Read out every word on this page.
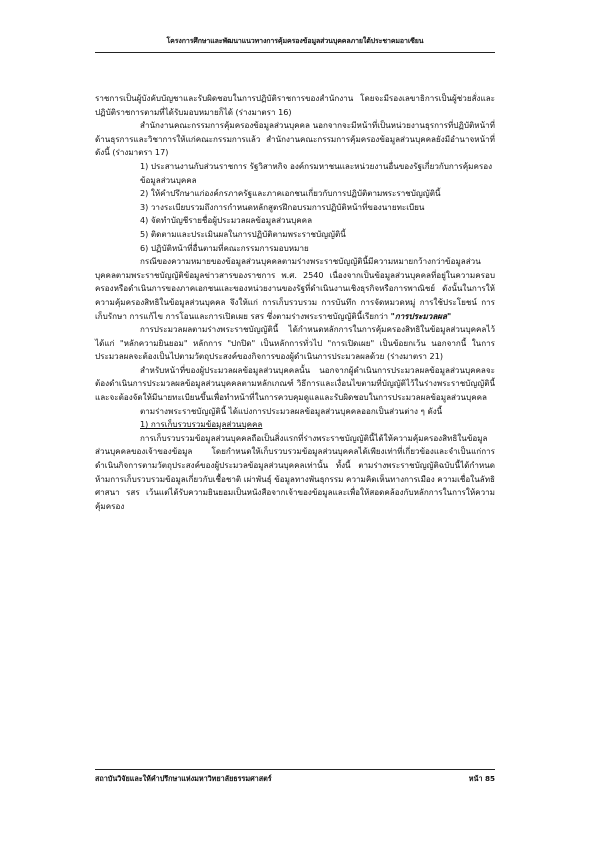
โครงการศึกษาและพัฒนาแนวทางการคุ้มครองข้อมูลส่วนบุคคลภายใต้ประชาคมอาเซียน

ราชการเป็นผู้บังคับบัญชาและรับผิดชอบในการปฏิบัติราชการของสำนักงาน โดยจะมีรองเลขาธิการเป็นผู้ช่วยสั่งและปฏิบัติราชการตามที่ได้รับมอบหมายก็ได้ (ร่างมาตรา 16)

สำนักงานคณะกรรมการคุ้มครองข้อมูลส่วนบุคคล นอกจากจะมีหน้าที่เป็นหน่วยงานธุรการที่ปฏิบัติหน้าที่ด้านธุรการและวิชาการให้แก่คณะกรรมการแล้ว สำนักงานคณะกรรมการคุ้มครองข้อมูลส่วนบุคคลยังมีอำนาจหน้าที่ ดังนี้ (ร่างมาตรา 17)

1) ประสานงานกับส่วนราชการ รัฐวิสาหกิจ องค์กรมหาชนและหน่วยงานอื่นของรัฐเกี่ยวกับการคุ้มครองข้อมูลส่วนบุคคล

2) ให้คำปรึกษาแก่องค์กรภาครัฐและภาคเอกชนเกี่ยวกับการปฏิบัติตามพระราชบัญญัตินี้

3) วางระเบียบรวมถึงการกำหนดหลักสูตรฝึกอบรมการปฏิบัติหน้าที่ของนายทะเบียน

4) จัดทำบัญชีรายชื่อผู้ประมวลผลข้อมูลส่วนบุคคล

5) ติดตามและประเมินผลในการปฏิบัติตามพระราชบัญญัตินี้

6) ปฏิบัติหน้าที่อื่นตามที่คณะกรรมการมอบหมาย

กรณีของความหมายของข้อมูลส่วนบุคคลตามร่างพระราชบัญญัตินี้มีความหมายกว้างกว่าข้อมูลส่วนบุคคลตามพระราชบัญญัติข้อมูลข่าวสารของราชการ พ.ศ. 2540 เนื่องจากเป็นข้อมูลส่วนบุคคลที่อยู่ในความครอบครองหรือดำเนินการของภาคเอกชนและของหน่วยงานของรัฐที่ดำเนินงานเชิงธุรกิจหรือการพาณิชย์ ดังนั้นในการให้ความคุ้มครองสิทธิในข้อมูลส่วนบุคคล จึงให้แก่ การเก็บรวบรวม การบันทึก การจัดหมวดหมู่ การใช้ประโยชน์ การเก็บรักษา การแก้ไข การโอนและการเปิดเผย รสร ซึ่งตามร่างพระราชบัญญัตินี้เรียกว่า "การประมวลผล"

การประมวลผลตามร่างพระราชบัญญัตินี้ ได้กำหนดหลักการในการคุ้มครองสิทธิในข้อมูลส่วนบุคคลไว้ ได้แก่ "หลักความยินยอม" หลักการ "ปกปิด" เป็นหลักการทั่วไป "การเปิดเผย" เป็นข้อยกเว้น นอกจากนี้ ในการประมวลผลจะต้องเป็นไปตามวัตถุประสงค์ของกิจการของผู้ดำเนินการประมวลผลด้วย (ร่างมาตรา 21)

สำหรับหน้าที่ของผู้ประมวลผลข้อมูลส่วนบุคคลนั้น นอกจากผู้ดำเนินการประมวลผลข้อมูลส่วนบุคคลจะต้องดำเนินการประมวลผลข้อมูลส่วนบุคคลตามหลักเกณฑ์ วิธีการและเงื่อนไขตามที่บัญญัติไว้ในร่างพระราชบัญญัตินี้ และจะต้องจัดให้มีนายทะเบียนขึ้นเพื่อทำหน้าที่ในการควบคุมดูแลและรับผิดชอบในการประมวลผลข้อมูลส่วนบุคคล

ตามร่างพระราชบัญญัตินี้ ได้แบ่งการประมวลผลข้อมูลส่วนบุคคลออกเป็นส่วนต่าง ๆ ดังนี้

1) การเก็บรวบรวมข้อมูลส่วนบุคคล

การเก็บรวบรวมข้อมูลส่วนบุคคลถือเป็นสิ่งแรกที่ร่างพระราชบัญญัตินี้ได้ให้ความคุ้มครองสิทธิในข้อมูลส่วนบุคคลของเจ้าของข้อมูล โดยกำหนดให้เก็บรวบรวมข้อมูลส่วนบุคคลได้เพียงเท่าที่เกี่ยวข้องและจำเป็นแก่การดำเนินกิจการตามวัตถุประสงค์ของผู้ประมวลข้อมูลส่วนบุคคลเท่านั้น ทั้งนี้ ตามร่างพระราชบัญญัติฉบับนี้ได้กำหนดห้ามการเก็บรวบรวมข้อมูลเกี่ยวกับเชื้อชาติ เผ่าพันธุ์ ข้อมูลทางพันธุกรรม ความคิดเห็นทางการเมือง ความเชื่อในลัทธิ ศาสนา รสร เว้นแต่ได้รับความยินยอมเป็นหนังสือจากเจ้าของข้อมูลและเพื่อให้สอดคล้องกับหลักการในการให้ความคุ้มครอง

สถาบันวิจัยและให้คำปรึกษาแห่งมหาวิทยาลัยธรรมศาสตร์	หน้า 85
